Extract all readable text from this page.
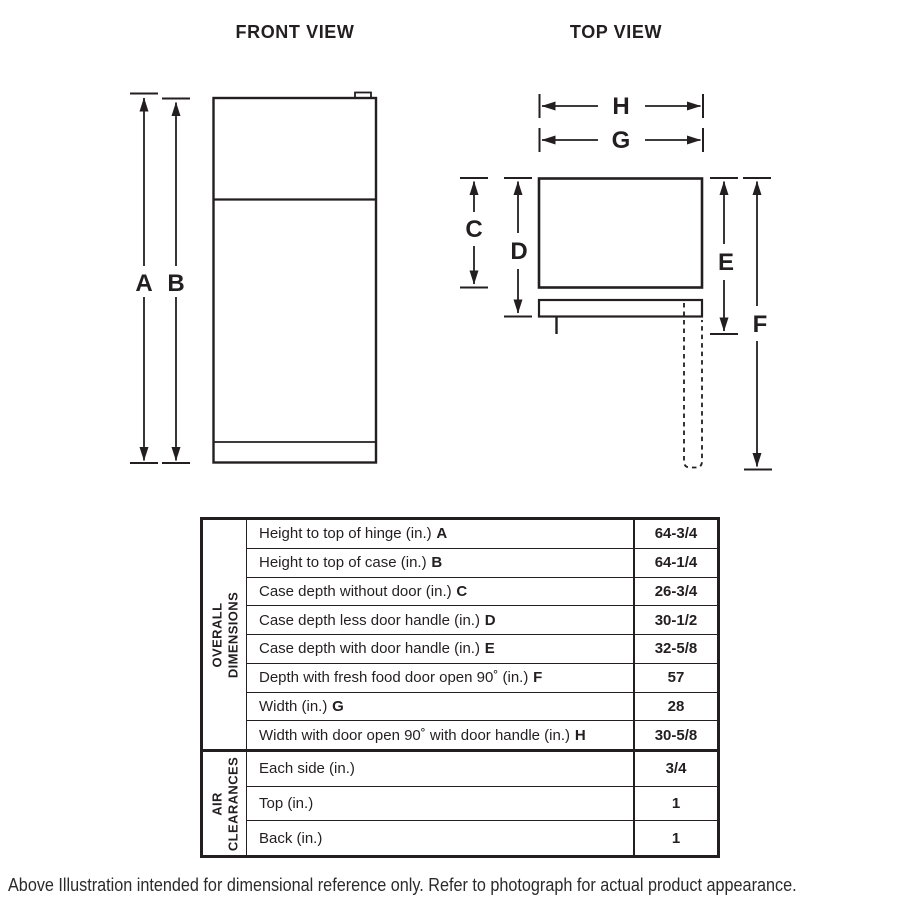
FRONT VIEW	TOP VIEW
A B
H
G
C
D	E
F
OVERALL DIMENSIONS
Height to top of hinge (in.) A	64-3/4
Height to top of case (in.) B	64-1/4
Case depth without door (in.) C	26-3/4
Case depth less door handle (in.) D	30-1/2
Case depth with door handle (in.) E	32-5/8
Depth with fresh food door open 90˚ (in.) F	57
Width (in.) G	28
Width with door open 90˚ with door handle (in.) H	30-5/8
AIR CLEARANCES Each side (in.)	3/4
Top (in.)	1
Back (in.)	1
Above Illustration intended for dimensional reference only. Refer to photograph for actual product appearance.
